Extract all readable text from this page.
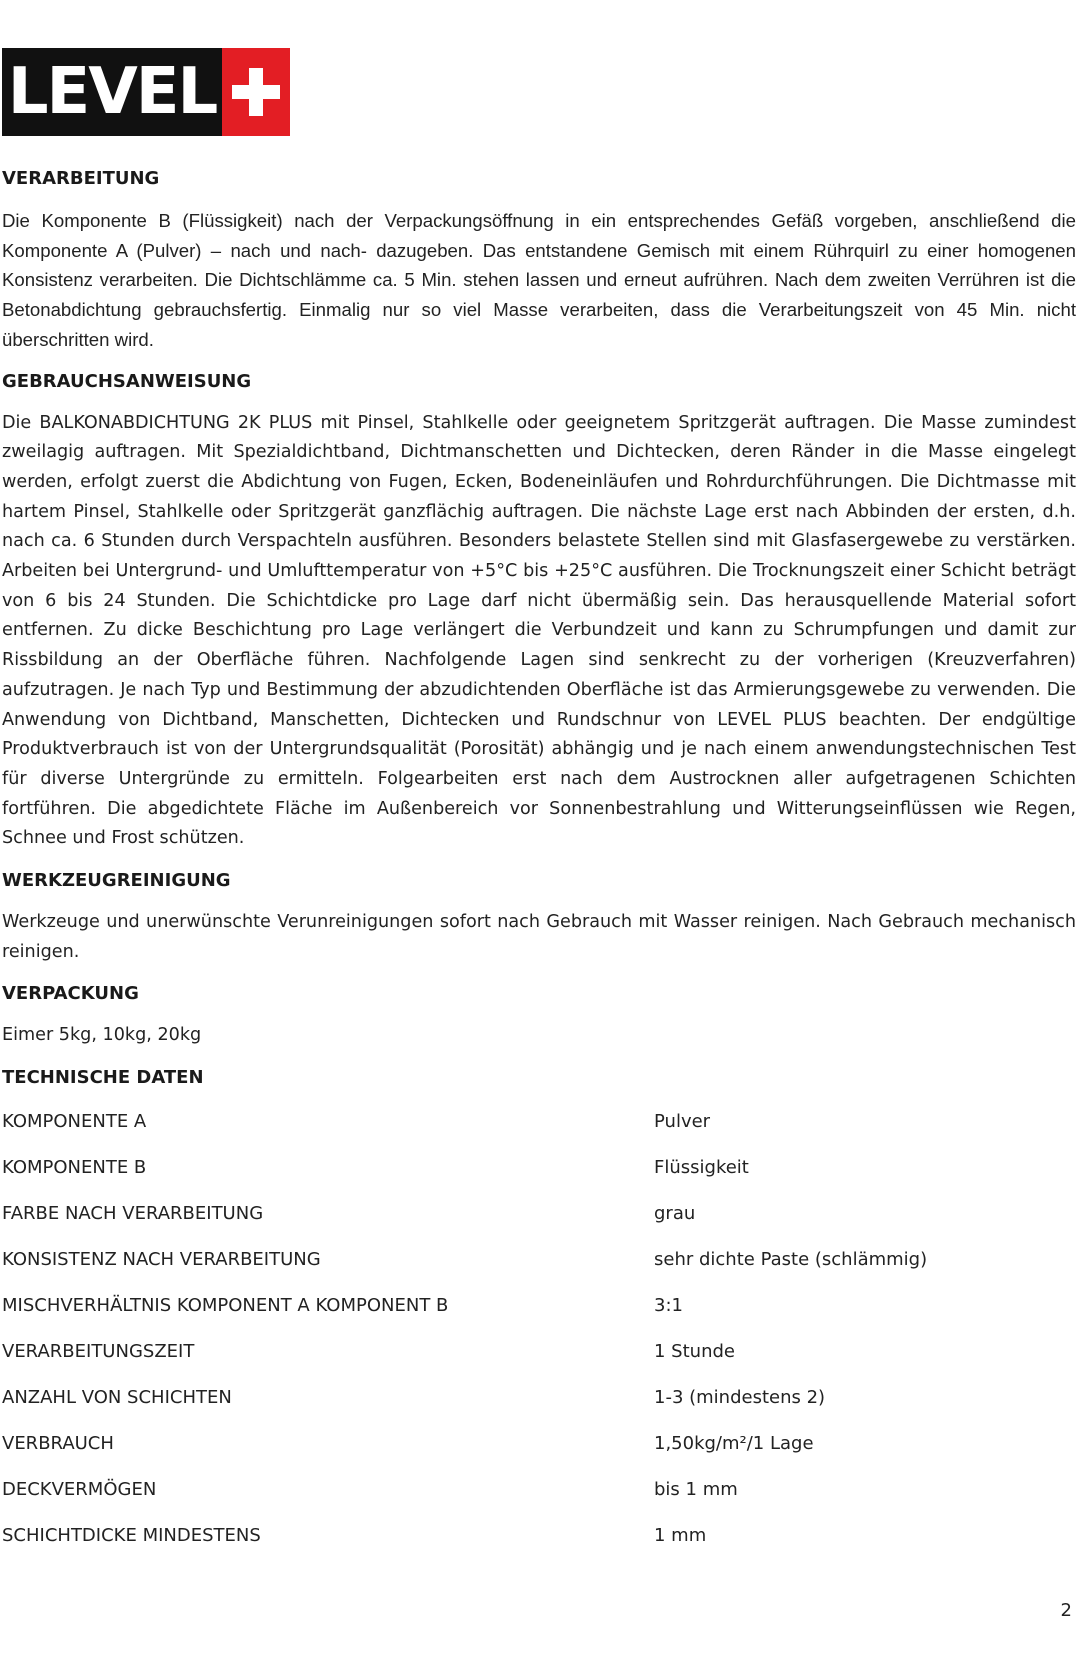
LEVEL
VERARBEITUNG

Die Komponente B (Flüssigkeit) nach der Verpackungsöffnung in ein entsprechendes Gefäß vorgeben, anschließend die Komponente A (Pulver) – nach und nach- dazugeben. Das entstandene Gemisch mit einem Rührquirl zu einer homogenen Konsistenz verarbeiten. Die Dichtschlämme ca. 5 Min. stehen lassen und erneut aufrühren. Nach dem zweiten Verrühren ist die Betonabdichtung gebrauchsfertig. Einmalig nur so viel Masse verarbeiten, dass die Verarbeitungszeit von 45 Min. nicht überschritten wird.

GEBRAUCHSANWEISUNG

Die BALKONABDICHTUNG 2K PLUS mit Pinsel, Stahlkelle oder geeignetem Spritzgerät auftragen. Die Masse zumindest zweilagig auftragen. Mit Spezialdichtband, Dichtmanschetten und Dichtecken, deren Ränder in die Masse eingelegt werden, erfolgt zuerst die Abdichtung von Fugen, Ecken, Bodeneinläufen und Rohrdurchführungen. Die Dichtmasse mit hartem Pinsel, Stahlkelle oder Spritzgerät ganzflächig auftragen. Die nächste Lage erst nach Abbinden der ersten, d.h. nach ca. 6 Stunden durch Verspachteln ausführen. Besonders belastete Stellen sind mit Glasfasergewebe zu verstärken. Arbeiten bei Untergrund- und Umlufttemperatur von +5°C bis +25°C ausführen. Die Trocknungszeit einer Schicht beträgt von 6 bis 24 Stunden. Die Schichtdicke pro Lage darf nicht übermäßig sein. Das herausquellende Material sofort entfernen. Zu dicke Beschichtung pro Lage verlängert die Verbundzeit und kann zu Schrumpfungen und damit zur Rissbildung an der Oberfläche führen. Nachfolgende Lagen sind senkrecht zu der vorherigen (Kreuzverfahren) aufzutragen. Je nach Typ und Bestimmung der abzudichtenden Oberfläche ist das Armierungsgewebe zu verwenden. Die Anwendung von Dichtband, Manschetten, Dichtecken und Rundschnur von LEVEL PLUS beachten. Der endgültige Produktverbrauch ist von der Untergrundsqualität (Porosität) abhängig und je nach einem anwendungstechnischen Test für diverse Untergründe zu ermitteln. Folgearbeiten erst nach dem Austrocknen aller aufgetragenen Schichten fortführen. Die abgedichtete Fläche im Außenbereich vor Sonnenbestrahlung und Witterungseinflüssen wie Regen, Schnee und Frost schützen.

WERKZEUGREINIGUNG

Werkzeuge und unerwünschte Verunreinigungen sofort nach Gebrauch mit Wasser reinigen. Nach Gebrauch mechanisch reinigen.

VERPACKUNG

Eimer 5kg, 10kg, 20kg

TECHNISCHE DATEN
KOMPONENTE A	Pulver
KOMPONENTE B	Flüssigkeit
FARBE NACH VERARBEITUNG	grau
KONSISTENZ NACH VERARBEITUNG	sehr dichte Paste (schlämmig)
MISCHVERHÄLTNIS KOMPONENT A KOMPONENT B	3:1
VERARBEITUNGSZEIT	1 Stunde
ANZAHL VON SCHICHTEN	1-3 (mindestens 2)
VERBRAUCH	1,50kg/m²/1 Lage
DECKVERMÖGEN	bis 1 mm
SCHICHTDICKE MINDESTENS	1 mm
2
